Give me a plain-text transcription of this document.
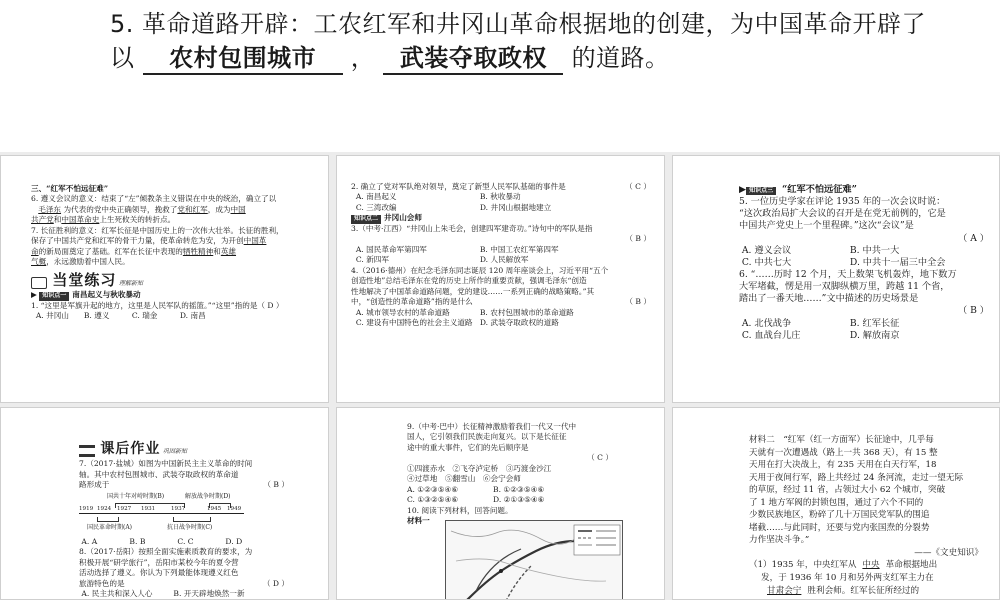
5. 革命道路开辟：工农红军和井冈山革命根据地的创建，为中国革命开辟了
以 农村包围城市 ， 武装夺取政权 的道路。

三、“红军不怕远征难”

6. 遵义会议的意义：结束了“左”倾教条主义错误在中央的统治，确立了以

毛泽东 为代表的党中央正确领导，挽救了党和红军，成为中国

共产党和中国革命史上生死攸关的转折点。

7. 长征胜利的意义：红军长征是中国历史上的一次伟大壮举。长征的胜利，

保存了中国共产党和红军的骨干力量，使革命转危为安，为开创中国革

命的新局面奠定了基础。红军在长征中表现的牺牲精神和英雄

气概，永远激励着中国人民。

当堂练习 理解新知

▶ 知识点一 南昌起义与秋收暴动

1. “这里是军旗升起的地方，这里是人民军队的摇篮。”“这里”指的是（ D ）

A. 井冈山 B. 遵义	C. 瑞金	D. 南昌

2. 确立了党对军队绝对领导，奠定了新型人民军队基础的事件是	（ C ）

A. 南昌起义	B. 秋收暴动

C. 三湾改编	D. 井冈山根据地建立

知识点二 井冈山会师

3.（中考·江西）“井冈山上朱毛会，创建四军建奇功。”诗句中的军队是指

（ B ）

A. 国民革命军第四军	B. 中国工农红军第四军

C. 新四军	D. 人民解放军

4.（2016·德州）在纪念毛泽东同志诞辰 120 周年座谈会上，习近平用“五个

创造性地”总结毛泽东在党的历史上所作的重要贡献，强调毛泽东“创造

性地解决了中国革命道路问题，党的建设……一系列正确的战略策略。”其

中，“创造性的革命道路”指的是什么	（ B ）

A. 城市领导农村的革命道路	B. 农村包围城市的革命道路

C. 建设有中国特色的社会主义道路 D. 武装夺取政权的道路

▶ 知识点三 “红军不怕远征难”

5. 一位历史学家在评论 1935 年的一次会议时说：

“这次政治局扩大会议的召开是在党无前例的，它是

中国共产党史上一个里程碑。”这次“会议”是

（ A ）

A. 遵义会议	B. 中共一大

C. 中共七大	D. 中共十一届三中全会

6. “……历时 12 个月，天上数架飞机轰炸，地下数万

大军堵截，愣是用一双脚纵横万里，跨越 11 个省，

踏出了一番天地……”文中描述的历史场景是

（ B ）

A. 北伐战争	B. 红军长征

C. 血战台儿庄	D. 解放南京

课后作业 巩固新知

7.（2017·盐城）如图为中国新民主主义革命的时间

轴。其中农村包围城市、武装夺取政权的革命道

路形成于	（ B ）

国共十年对峙时期(B)	解放战争时期(D)
1919 1924 1927 1931	1937	1945 1949
国民革命时期(A)	抗日战争时期(C)

A. A	B. B	C. C	D. D

8.（2017·岳阳）按照全面实施素质教育的要求，为

积极开展“研学旅行”，岳阳市某校今年的夏令营

活动选择了遵义。你认为下列最能体现遵义红色

旅游特色的是	（ D ）

A. 民主共和深入人心	B. 开天辟地焕然一新

9.（中考·巴中）长征精神激励着我们一代又一代中

国人，它引领我们民族走向复兴。以下是长征征

途中的重大事件，它们的先后顺序是

（ C ）

①四渡赤水　②飞夺泸定桥　③巧渡金沙江

④过草地　⑤翻雪山　⑥会宁会师

A. ①②③⑤④⑥	B. ①②③⑤④⑥

C. ①③②⑤④⑥	D. ②①③⑤④⑥

10. 阅读下列材料，回答问题。

材料一

材料二　“红军（红一方面军）长征途中，几乎每

天就有一次遭遇战（路上一共 368 天），有 15 整

天用在打大决战上，有 235 天用在白天行军，18

天用于夜间行军，路上共经过 24 条河流，走过一望无际

的草原，经过 11 省，占领过大小 62 个城市，突破

了 1 地方军阀的封锁包围，通过了六个不同的

少数民族地区，粉碎了几十万国民党军队的围追

堵截……与此同时，还要与党内张国焘的分裂势

力作坚决斗争。”

——《文史知识》

（1）1935 年，中央红军从 中央 革命根据地出

发，于 1936 年 10 月和另外两支红军主力在

甘肃会宁 胜利会师。红军长征所经过的
